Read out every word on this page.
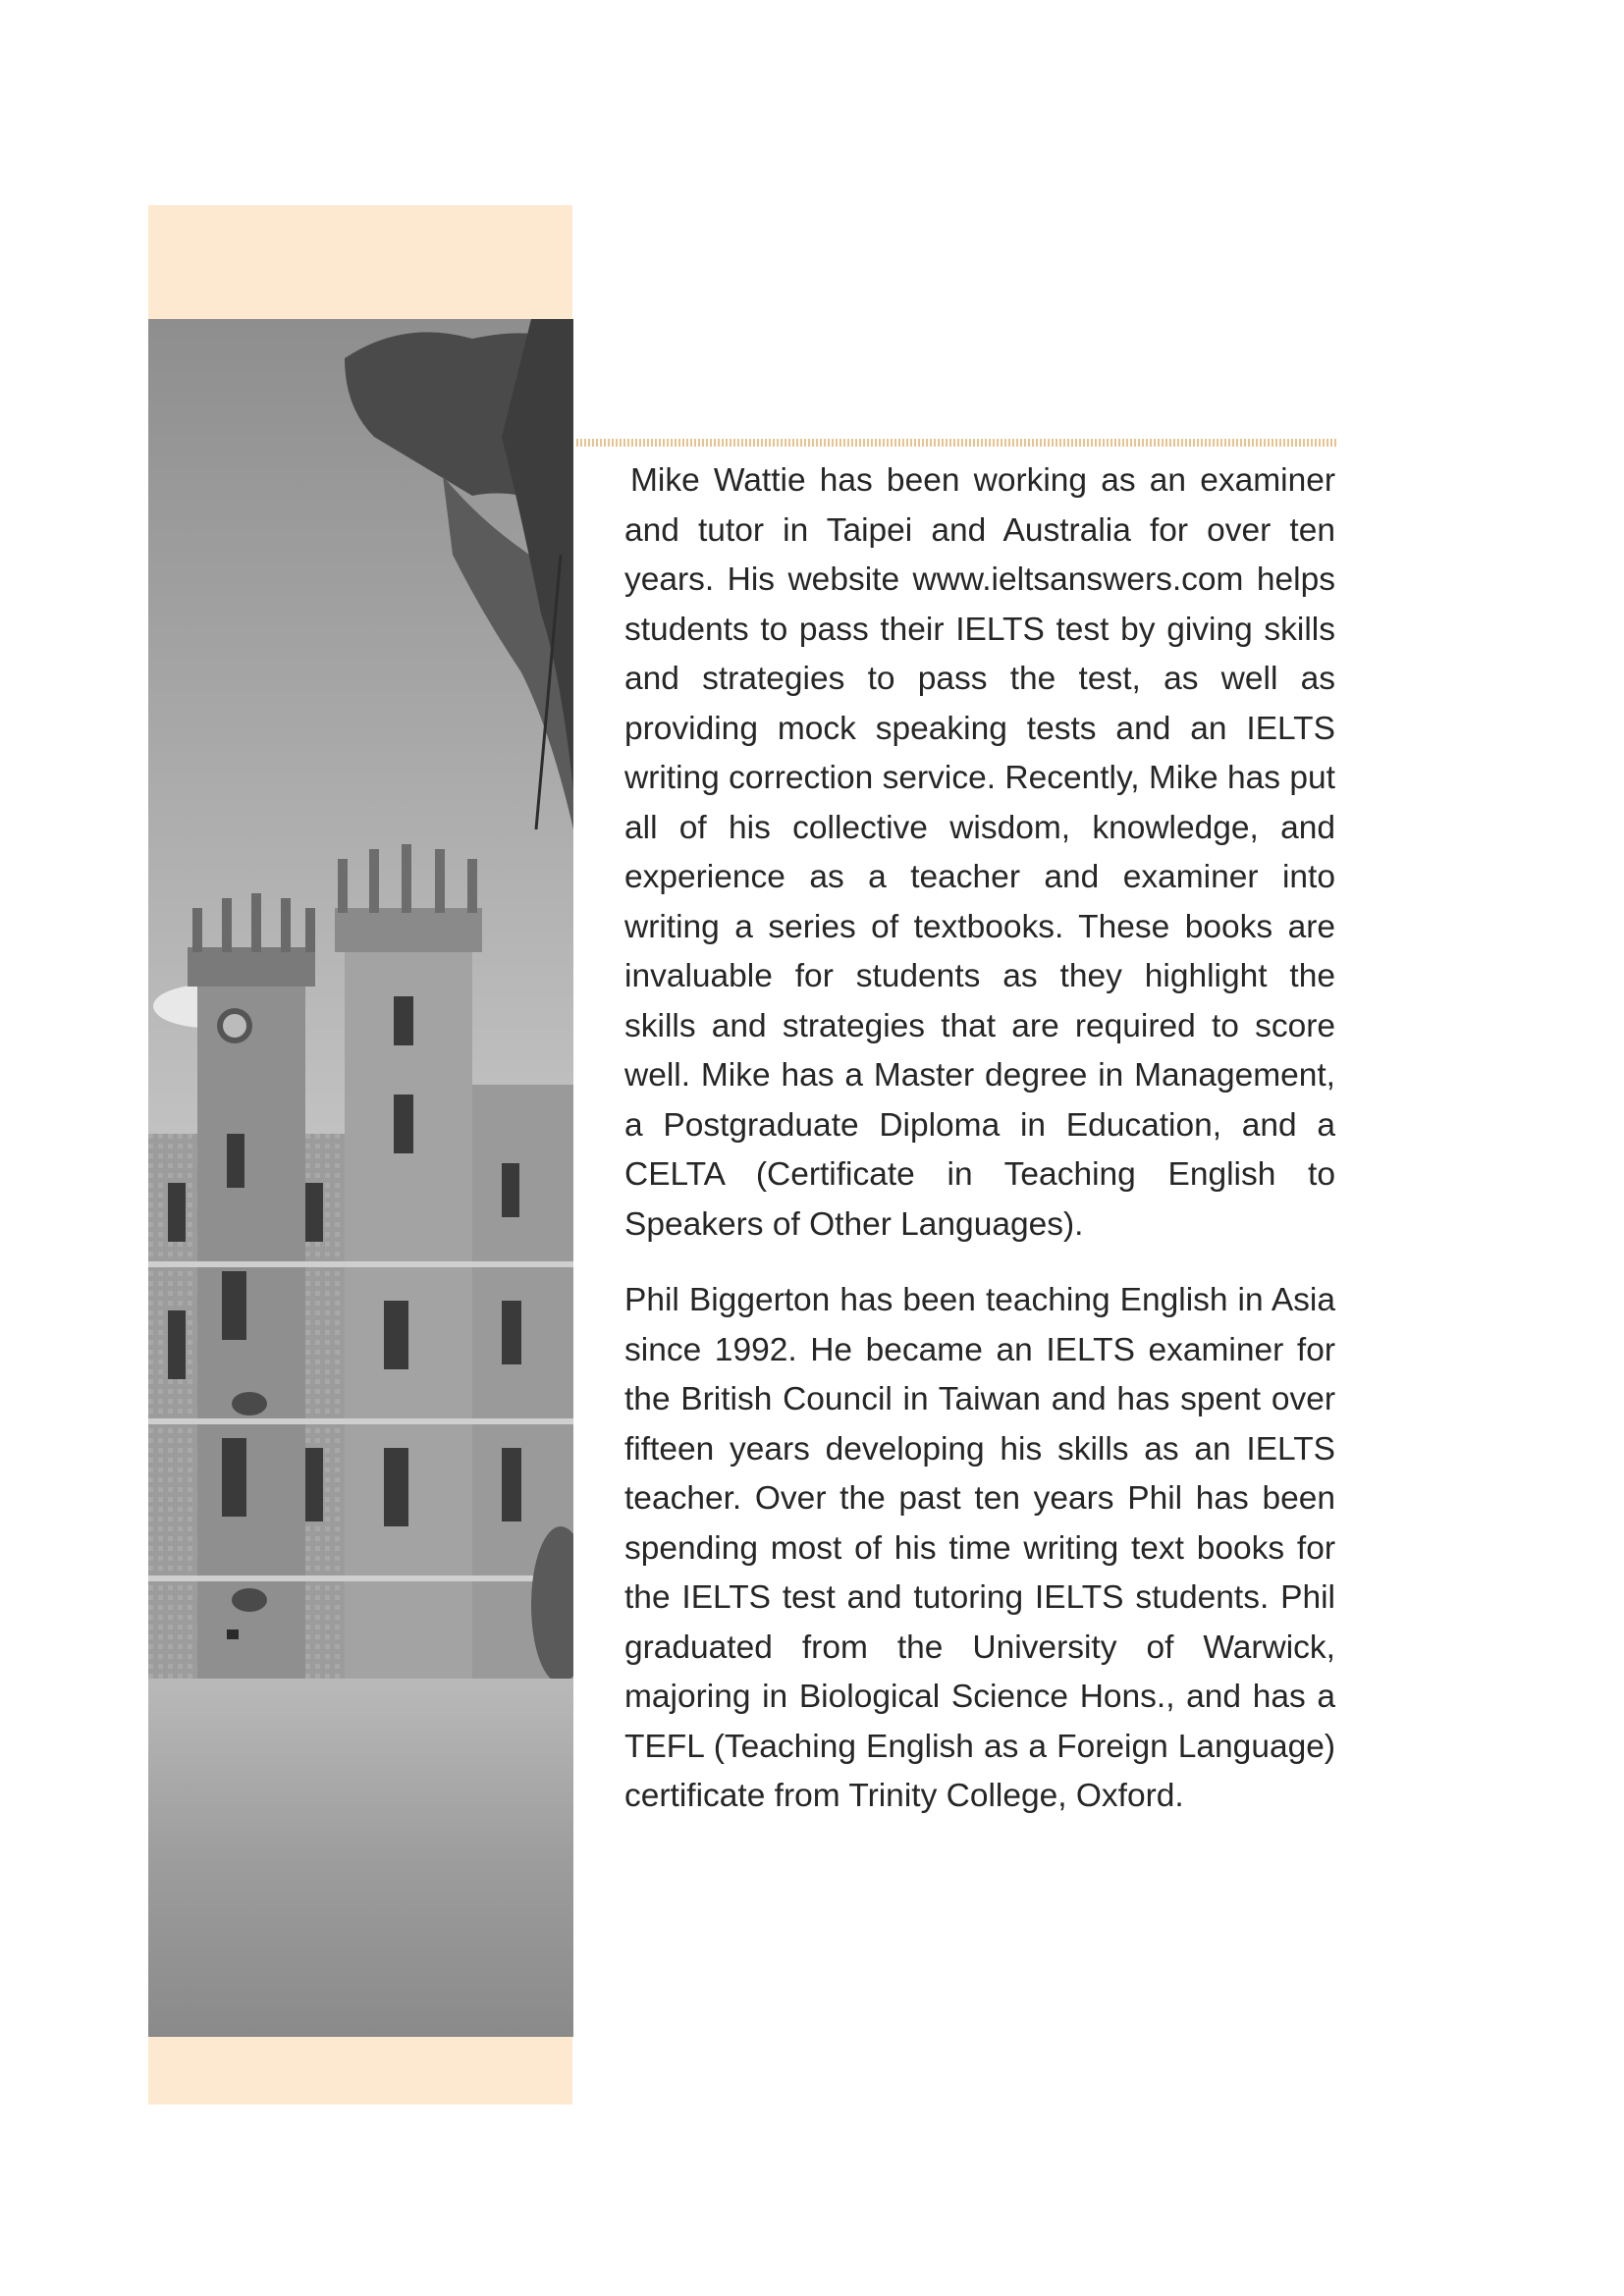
Mike Wattie has been working as an examiner and tutor in Taipei and Australia for over ten years. His website www.ieltsanswers.com helps students to pass their IELTS test by giving skills and strategies to pass the test, as well as providing mock speaking tests and an IELTS writing correction service. Recently, Mike has put all of his collective wisdom, knowledge, and experience as a teacher and examiner into writing a series of textbooks. These books are invaluable for students as they highlight the skills and strategies that are required to score well. Mike has a Master degree in Management, a Postgraduate Diploma in Education, and a CELTA (Certificate in Teaching English to Speakers of Other Languages).

Phil Biggerton has been teaching English in Asia since 1992. He became an IELTS examiner for the British Council in Taiwan and has spent over fifteen years developing his skills as an IELTS teacher. Over the past ten years Phil has been spending most of his time writing text books for the IELTS test and tutoring IELTS students. Phil graduated from the University of Warwick, majoring in Biological Science Hons., and has a TEFL (Teaching English as a Foreign Language) certificate from Trinity College, Oxford.
